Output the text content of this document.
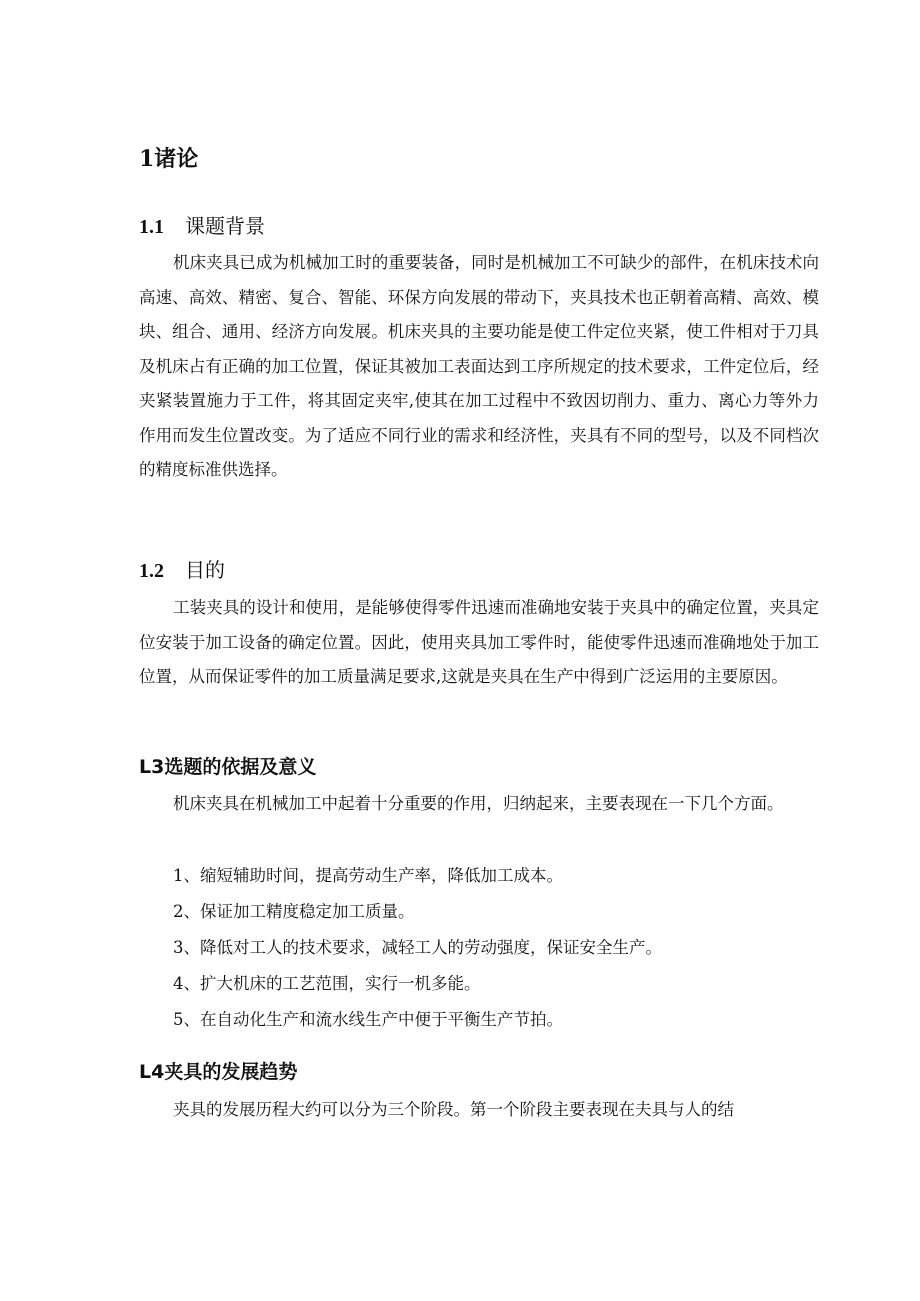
1诸论
1.1 课题背景

机床夹具已成为机械加工时的重要装备，同时是机械加工不可缺少的部件，在机床技术向高速、高效、精密、复合、智能、环保方向发展的带动下，夹具技术也正朝着高精、高效、模块、组合、通用、经济方向发展。机床夹具的主要功能是使工件定位夹紧，使工件相对于刀具及机床占有正确的加工位置，保证其被加工表面达到工序所规定的技术要求，工件定位后，经夹紧装置施力于工件，将其固定夹牢,使其在加工过程中不致因切削力、重力、离心力等外力作用而发生位置改变。为了适应不同行业的需求和经济性，夹具有不同的型号，以及不同档次的精度标准供选择。

1.2 目的

工装夹具的设计和使用，是能够使得零件迅速而准确地安装于夹具中的确定位置，夹具定位安装于加工设备的确定位置。因此，使用夹具加工零件时，能使零件迅速而准确地处于加工位置，从而保证零件的加工质量满足要求,这就是夹具在生产中得到广泛运用的主要原因。

L3选题的依据及意义

机床夹具在机械加工中起着十分重要的作用，归纳起来，主要表现在一下几个方面。

1、缩短辅助时间，提高劳动生产率，降低加工成本。

2、保证加工精度稳定加工质量。

3、降低对工人的技术要求，减轻工人的劳动强度，保证安全生产。

4、扩大机床的工艺范围，实行一机多能。

5、在自动化生产和流水线生产中便于平衡生产节拍。

L4夹具的发展趋势

夹具的发展历程大约可以分为三个阶段。第一个阶段主要表现在夫具与人的结
